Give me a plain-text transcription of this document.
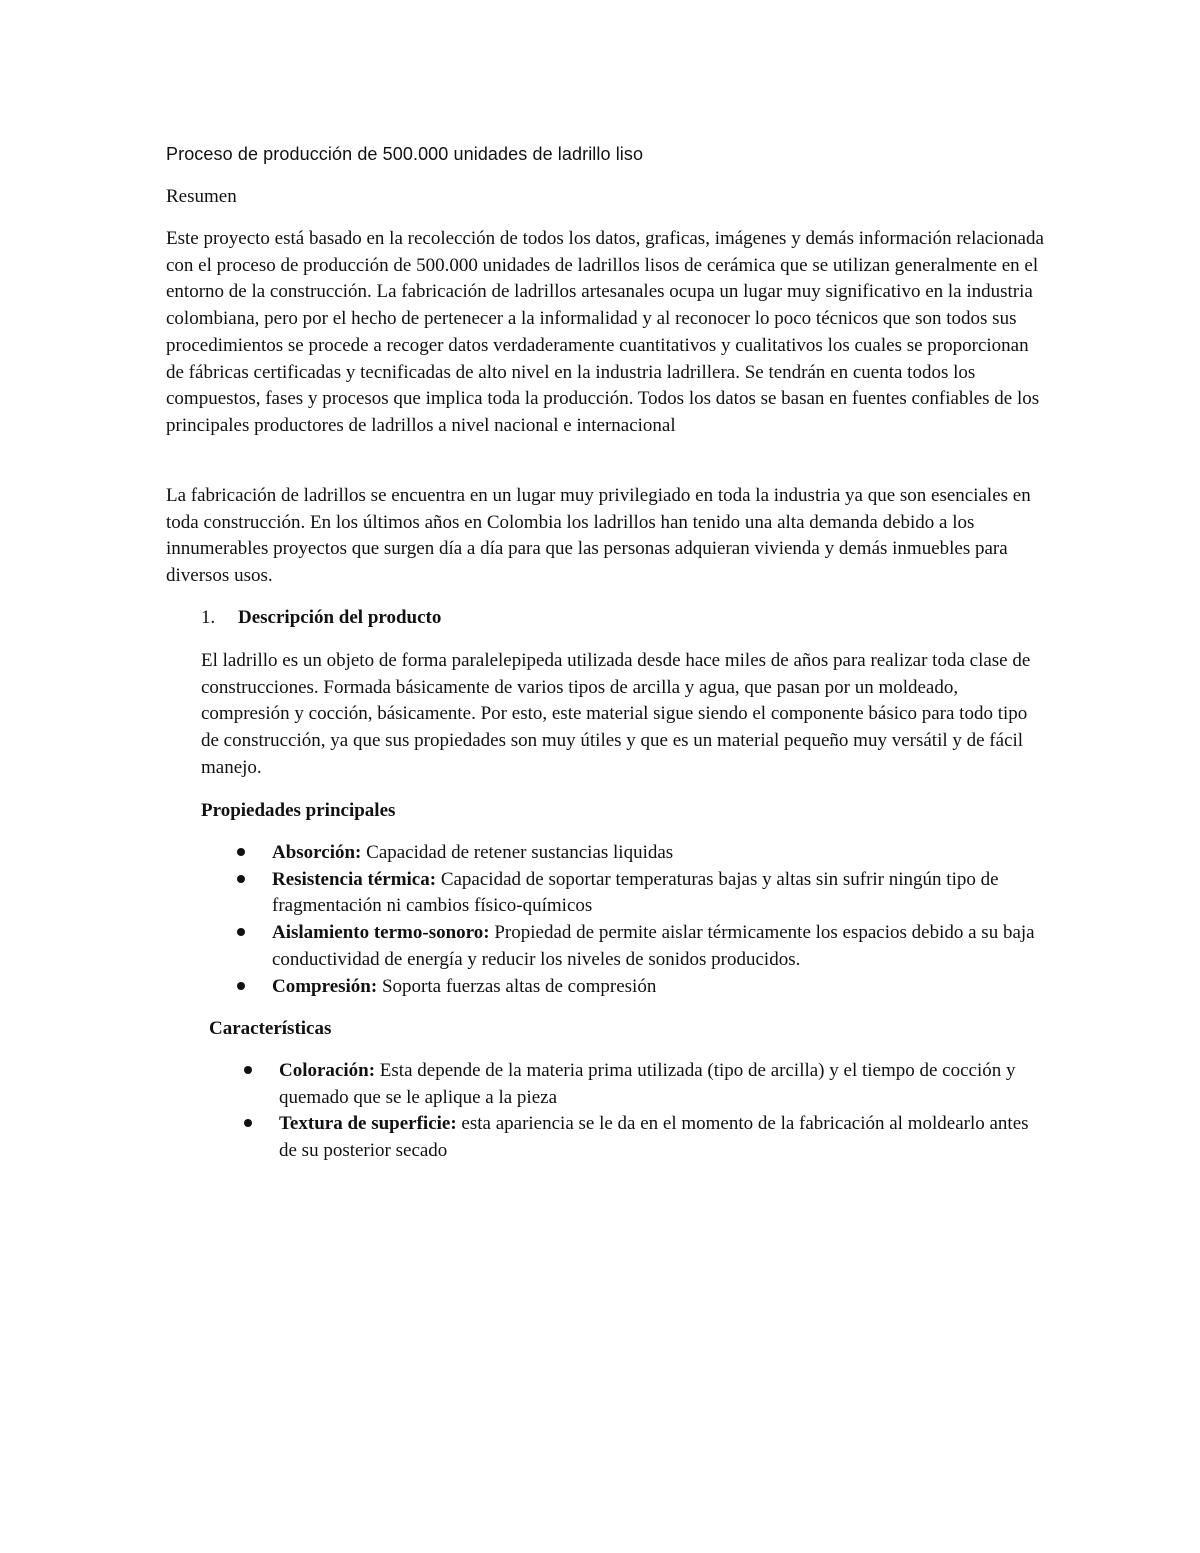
Proceso de producción de 500.000 unidades de ladrillo liso
Resumen

Este proyecto está basado en la recolección de todos los datos, graficas, imágenes y demás información relacionada con el proceso de producción de 500.000 unidades de ladrillos lisos de cerámica que se utilizan generalmente en el entorno de la construcción. La fabricación de ladrillos artesanales ocupa un lugar muy significativo en la industria colombiana, pero por el hecho de pertenecer a la informalidad y al reconocer lo poco técnicos que son todos sus procedimientos se procede a recoger datos verdaderamente cuantitativos y cualitativos los cuales se proporcionan de fábricas certificadas y tecnificadas de alto nivel en la industria ladrillera. Se tendrán en cuenta todos los compuestos, fases y procesos que implica toda la producción. Todos los datos se basan en fuentes confiables de los principales productores de ladrillos a nivel nacional e internacional

La fabricación de ladrillos se encuentra en un lugar muy privilegiado en toda la industria ya que son esenciales en toda construcción. En los últimos años en Colombia los ladrillos han tenido una alta demanda debido a los innumerables proyectos que surgen día a día para que las personas adquieran vivienda y demás inmuebles para diversos usos.

1. Descripción del producto

El ladrillo es un objeto de forma paralelepipeda utilizada desde hace miles de años para realizar toda clase de construcciones. Formada básicamente de varios tipos de arcilla y agua, que pasan por un moldeado, compresión y cocción, básicamente. Por esto, este material sigue siendo el componente básico para todo tipo de construcción, ya que sus propiedades son muy útiles y que es un material pequeño muy versátil y de fácil manejo.

Propiedades principales
Absorción: Capacidad de retener sustancias liquidas
Resistencia térmica: Capacidad de soportar temperaturas bajas y altas sin sufrir ningún tipo de fragmentación ni cambios físico-químicos
Aislamiento termo-sonoro: Propiedad de permite aislar térmicamente los espacios debido a su baja conductividad de energía y reducir los niveles de sonidos producidos.
Compresión: Soporta fuerzas altas de compresión
Características
Coloración: Esta depende de la materia prima utilizada (tipo de arcilla) y el tiempo de cocción y quemado que se le aplique a la pieza
Textura de superficie: esta apariencia se le da en el momento de la fabricación al moldearlo antes de su posterior secado
